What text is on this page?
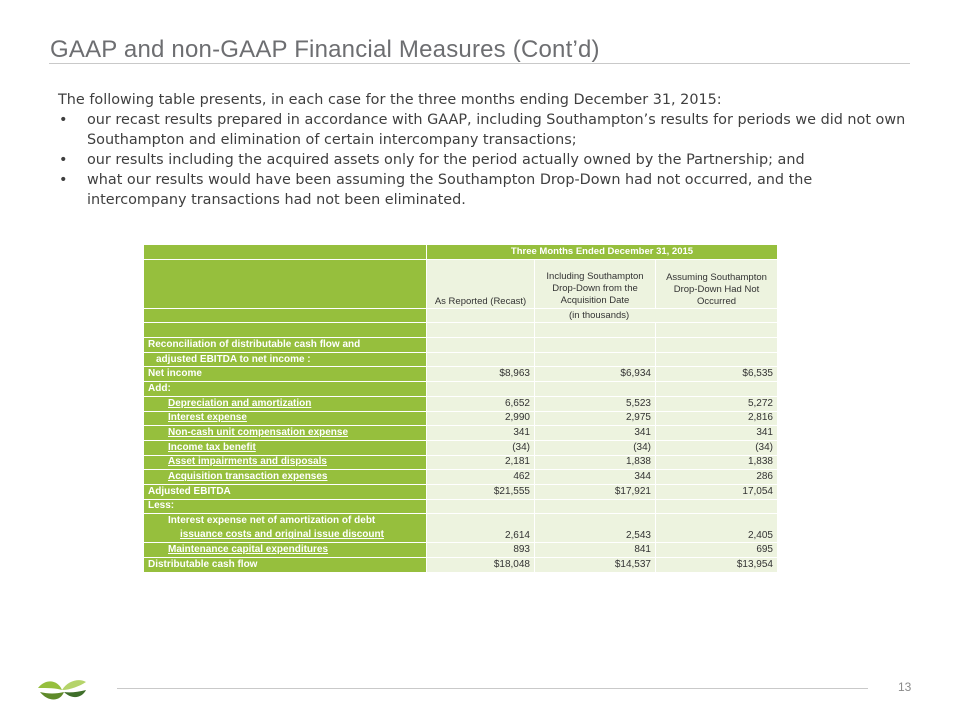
GAAP and non-GAAP Financial Measures (Cont’d)

The following table presents, in each case for the three months ending December 31, 2015:

• our recast results prepared in accordance with GAAP, including Southampton’s results for periods we did not own Southampton and elimination of certain intercompany transactions;
• our results including the acquired assets only for the period actually owned by the Partnership; and
• what our results would have been assuming the Southampton Drop-Down had not occurred, and the intercompany transactions had not been eliminated.
	Three Months Ended December 31, 2015		
	As Reported (Recast)	Including Southampton Drop-Down from the Acquisition Date	Assuming Southampton Drop-Down Had Not Occurred
		(in thousands)	

Reconciliation of distributable cash flow and			
adjusted EBITDA to net income :			
Net income	$8,963	$6,934	$6,535
Add:			
Depreciation and amortization	6,652	5,523	5,272
Interest expense	2,990	2,975	2,816
Non-cash unit compensation expense	341	341	341
Income tax benefit	(34)	(34)	(34)
Asset impairments and disposals	2,181	1,838	1,838
Acquisition transaction expenses	462	344	286
Adjusted EBITDA	$21,555	$17,921	17,054
Less:			

Interest expense net of amortization of debt
issuance costs and original issue discount	2,614	2,543	2,405
Maintenance capital expenditures	893	841	695
Distributable cash flow	$18,048	$14,537	$13,954
13
